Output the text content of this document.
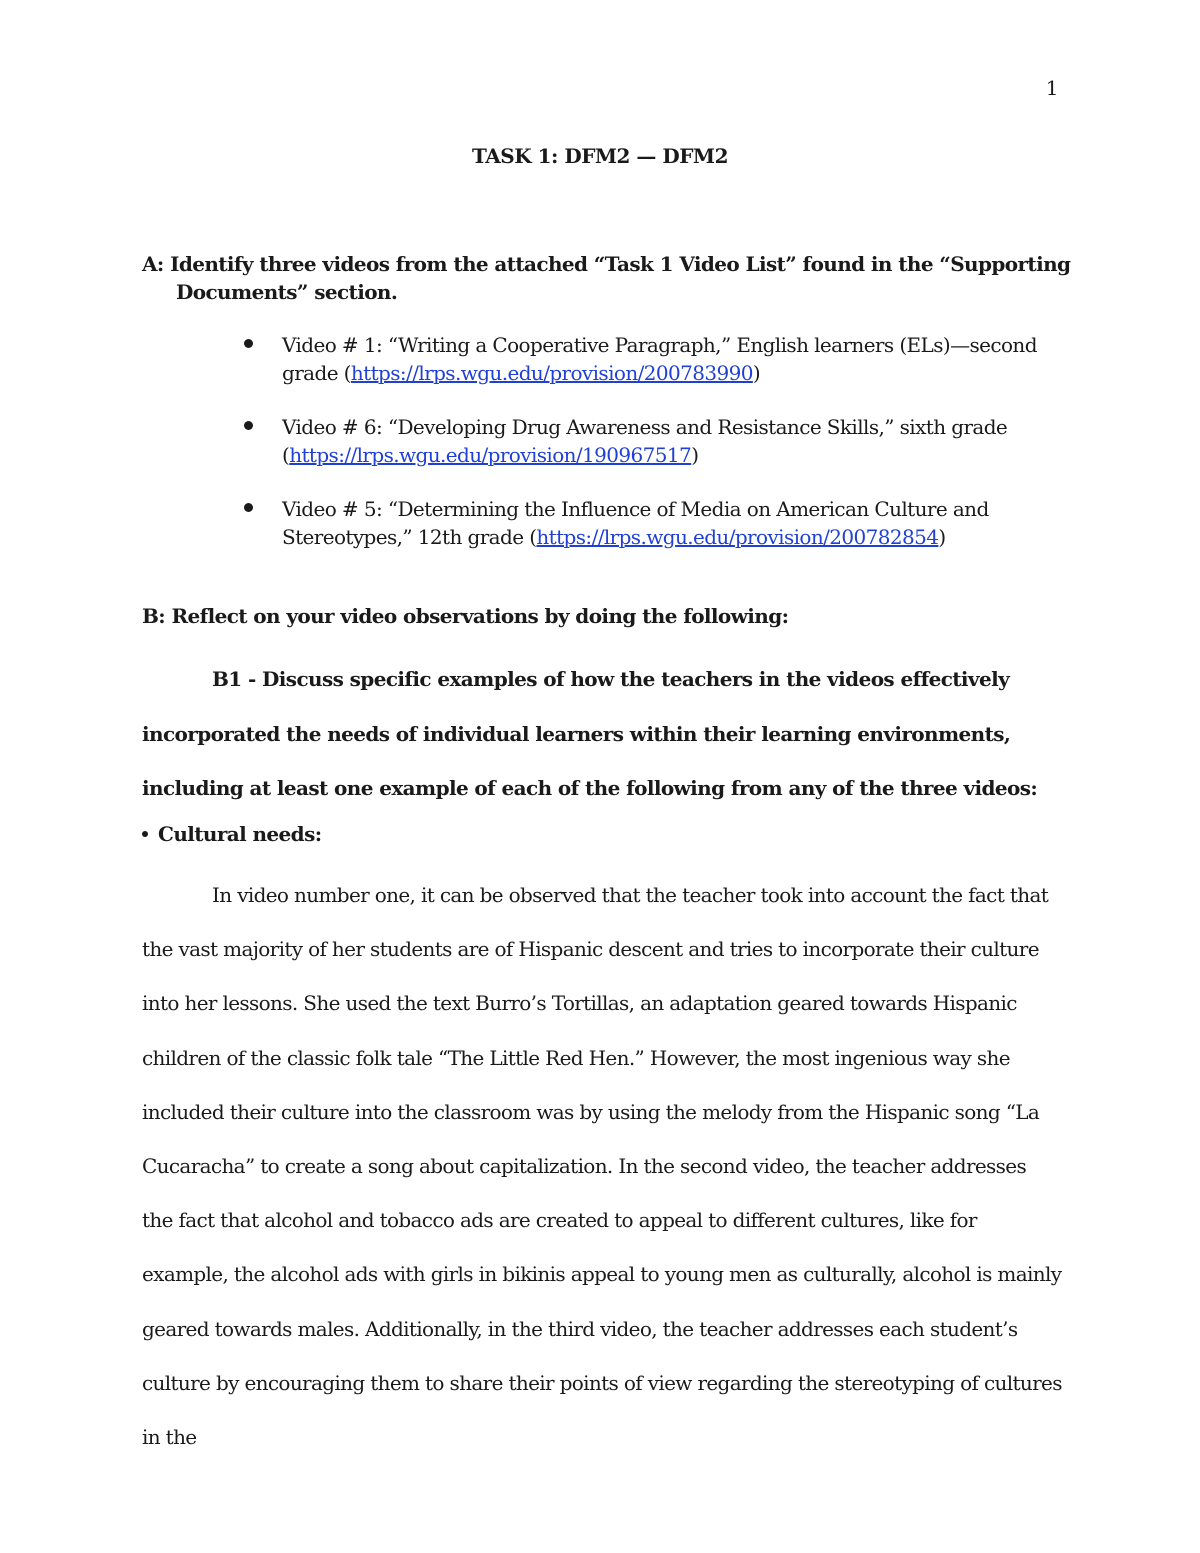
1
TASK 1: DFM2 — DFM2
A: Identify three videos from the attached “Task 1 Video List” found in the “Supporting Documents” section.
Video # 1: “Writing a Cooperative Paragraph,” English learners (ELs)—second grade (https://lrps.wgu.edu/provision/200783990)
Video # 6: “Developing Drug Awareness and Resistance Skills,” sixth grade (https://lrps.wgu.edu/provision/190967517)
Video # 5: “Determining the Influence of Media on American Culture and Stereotypes,” 12th grade (https://lrps.wgu.edu/provision/200782854)
B: Reflect on your video observations by doing the following:
B1 - Discuss specific examples of how the teachers in the videos effectively incorporated the needs of individual learners within their learning environments, including at least one example of each of the following from any of the three videos:
Cultural needs:

In video number one, it can be observed that the teacher took into account the fact that the vast majority of her students are of Hispanic descent and tries to incorporate their culture into her lessons. She used the text Burro’s Tortillas, an adaptation geared towards Hispanic children of the classic folk tale “The Little Red Hen.” However, the most ingenious way she included their culture into the classroom was by using the melody from the Hispanic song “La Cucaracha” to create a song about capitalization. In the second video, the teacher addresses the fact that alcohol and tobacco ads are created to appeal to different cultures, like for example, the alcohol ads with girls in bikinis appeal to young men as culturally, alcohol is mainly geared towards males. Additionally, in the third video, the teacher addresses each student’s culture by encouraging them to share their points of view regarding the stereotyping of cultures in the
